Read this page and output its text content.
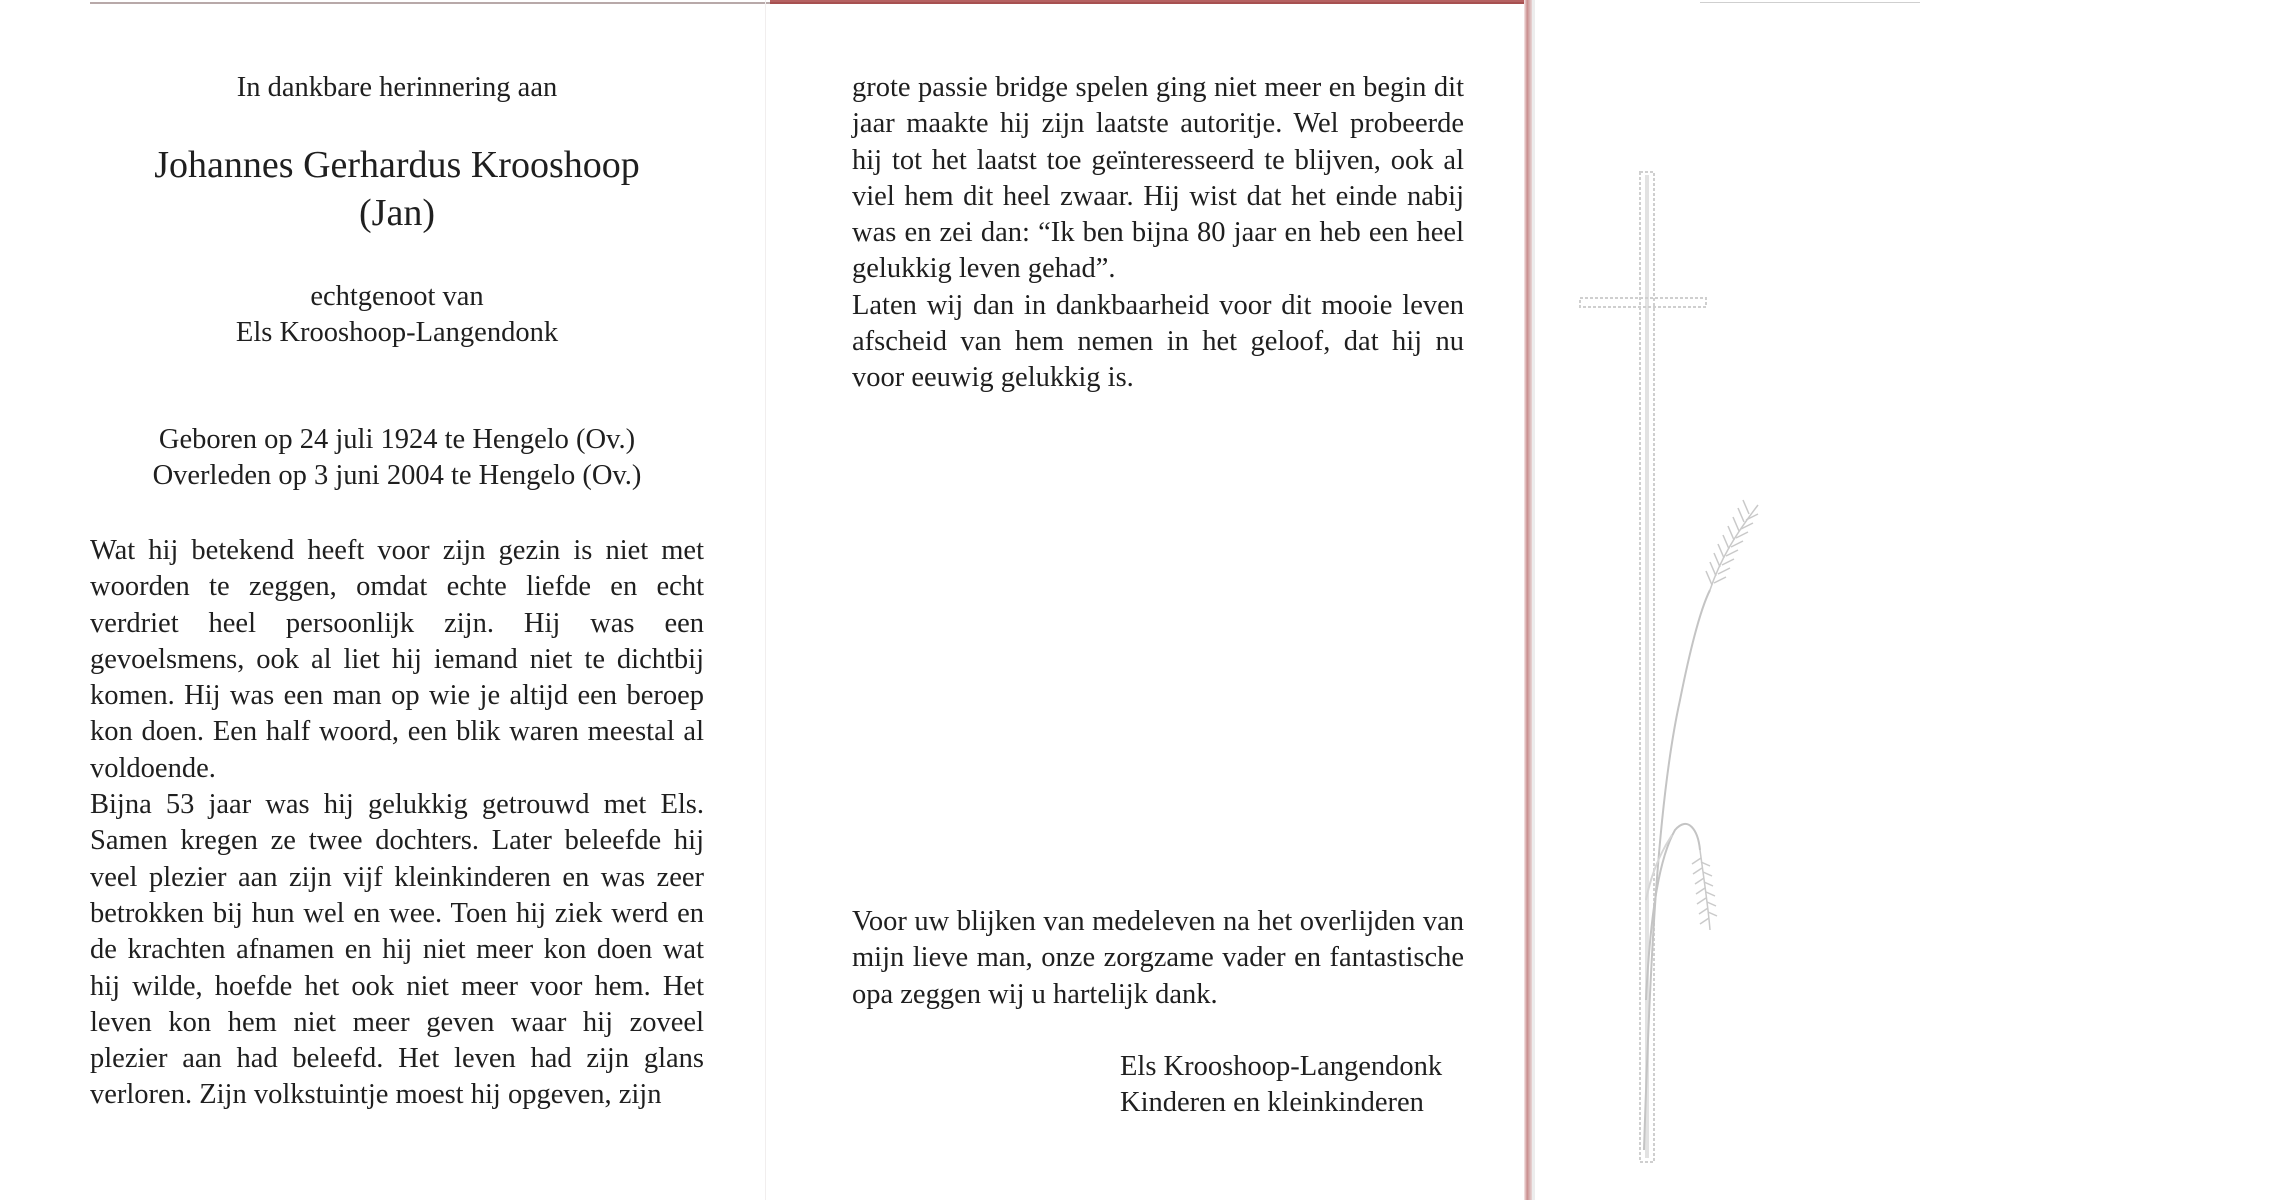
In dankbare herinnering aan
Johannes Gerhardus Krooshoop
(Jan)
echtgenoot van
Els Krooshoop-Langendonk
Geboren op 24 juli 1924 te Hengelo (Ov.)
Overleden op 3 juni 2004 te Hengelo (Ov.)

Wat hij betekend heeft voor zijn gezin is niet met woorden te zeggen, omdat echte liefde en echt verdriet heel persoonlijk zijn. Hij was een gevoelsmens, ook al liet hij iemand niet te dichtbij komen. Hij was een man op wie je altijd een beroep kon doen. Een half woord, een blik waren meestal al voldoende.

Bijna 53 jaar was hij gelukkig getrouwd met Els. Samen kregen ze twee dochters. Later beleefde hij veel plezier aan zijn vijf kleinkinderen en was zeer betrokken bij hun wel en wee. Toen hij ziek werd en de krachten afnamen en hij niet meer kon doen wat hij wilde, hoefde het ook niet meer voor hem. Het leven kon hem niet meer geven waar hij zoveel plezier aan had beleefd. Het leven had zijn glans verloren. Zijn volkstuintje moest hij opgeven, zijn

grote passie bridge spelen ging niet meer en begin dit jaar maakte hij zijn laatste autoritje. Wel probeerde hij tot het laatst toe geïnteresseerd te blijven, ook al viel hem dit heel zwaar. Hij wist dat het einde nabij was en zei dan: “Ik ben bijna 80 jaar en heb een heel gelukkig leven gehad”.

Laten wij dan in dankbaarheid voor dit mooie leven afscheid van hem nemen in het geloof, dat hij nu voor eeuwig gelukkig is.

Voor uw blijken van medeleven na het overlijden van mijn lieve man, onze zorgzame vader en fantastische opa zeggen wij u hartelijk dank.

Els Krooshoop-Langendonk
Kinderen en kleinkinderen
